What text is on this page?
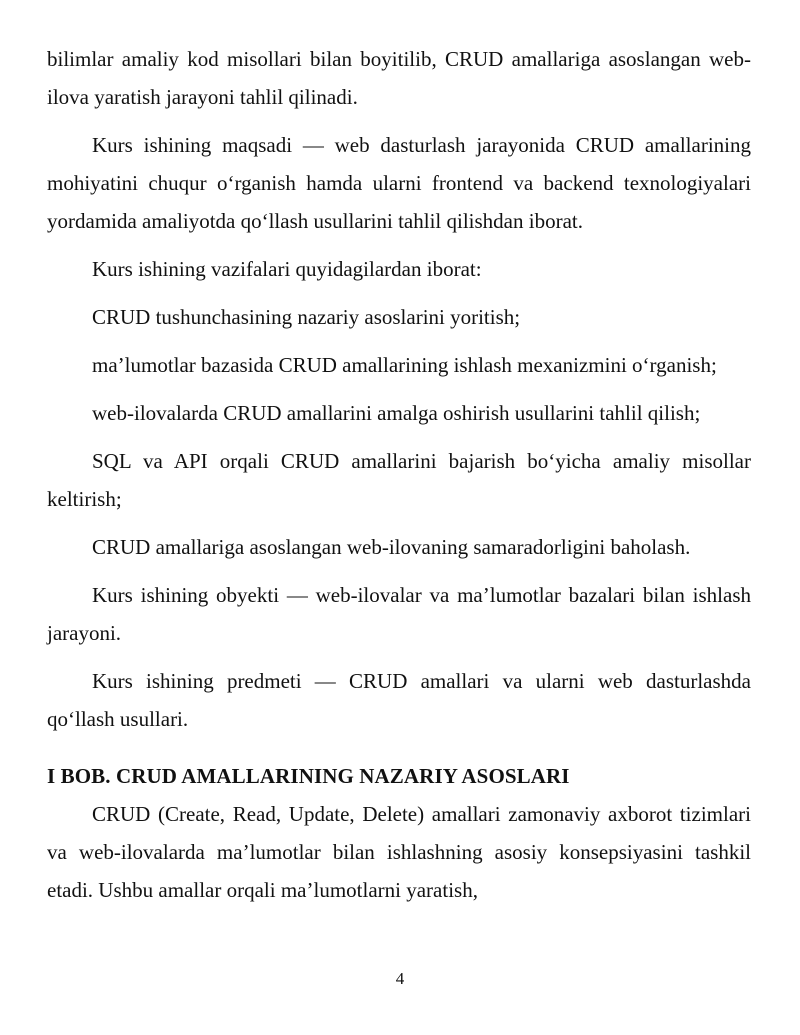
bilimlar amaliy kod misollari bilan boyitilib, CRUD amallariga asoslangan web-ilova yaratish jarayoni tahlil qilinadi.

Kurs ishining maqsadi — web dasturlash jarayonida CRUD amallarining mohiyatini chuqur o‘rganish hamda ularni frontend va backend texnologiyalari yordamida amaliyotda qo‘llash usullarini tahlil qilishdan iborat.

Kurs ishining vazifalari quyidagilardan iborat:

CRUD tushunchasining nazariy asoslarini yoritish;

ma’lumotlar bazasida CRUD amallarining ishlash mexanizmini o‘rganish;

web-ilovalarda CRUD amallarini amalga oshirish usullarini tahlil qilish;

SQL va API orqali CRUD amallarini bajarish bo‘yicha amaliy misollar keltirish;

CRUD amallariga asoslangan web-ilovaning samaradorligini baholash.

Kurs ishining obyekti — web-ilovalar va ma’lumotlar bazalari bilan ishlash jarayoni.

Kurs ishining predmeti — CRUD amallari va ularni web dasturlashda qo‘llash usullari.

I BOB. CRUD AMALLARINING NAZARIY ASOSLARI

CRUD (Create, Read, Update, Delete) amallari zamonaviy axborot tizimlari va web-ilovalarda ma’lumotlar bilan ishlashning asosiy konsepsiyasini tashkil etadi. Ushbu amallar orqali ma’lumotlarni yaratish,

4
